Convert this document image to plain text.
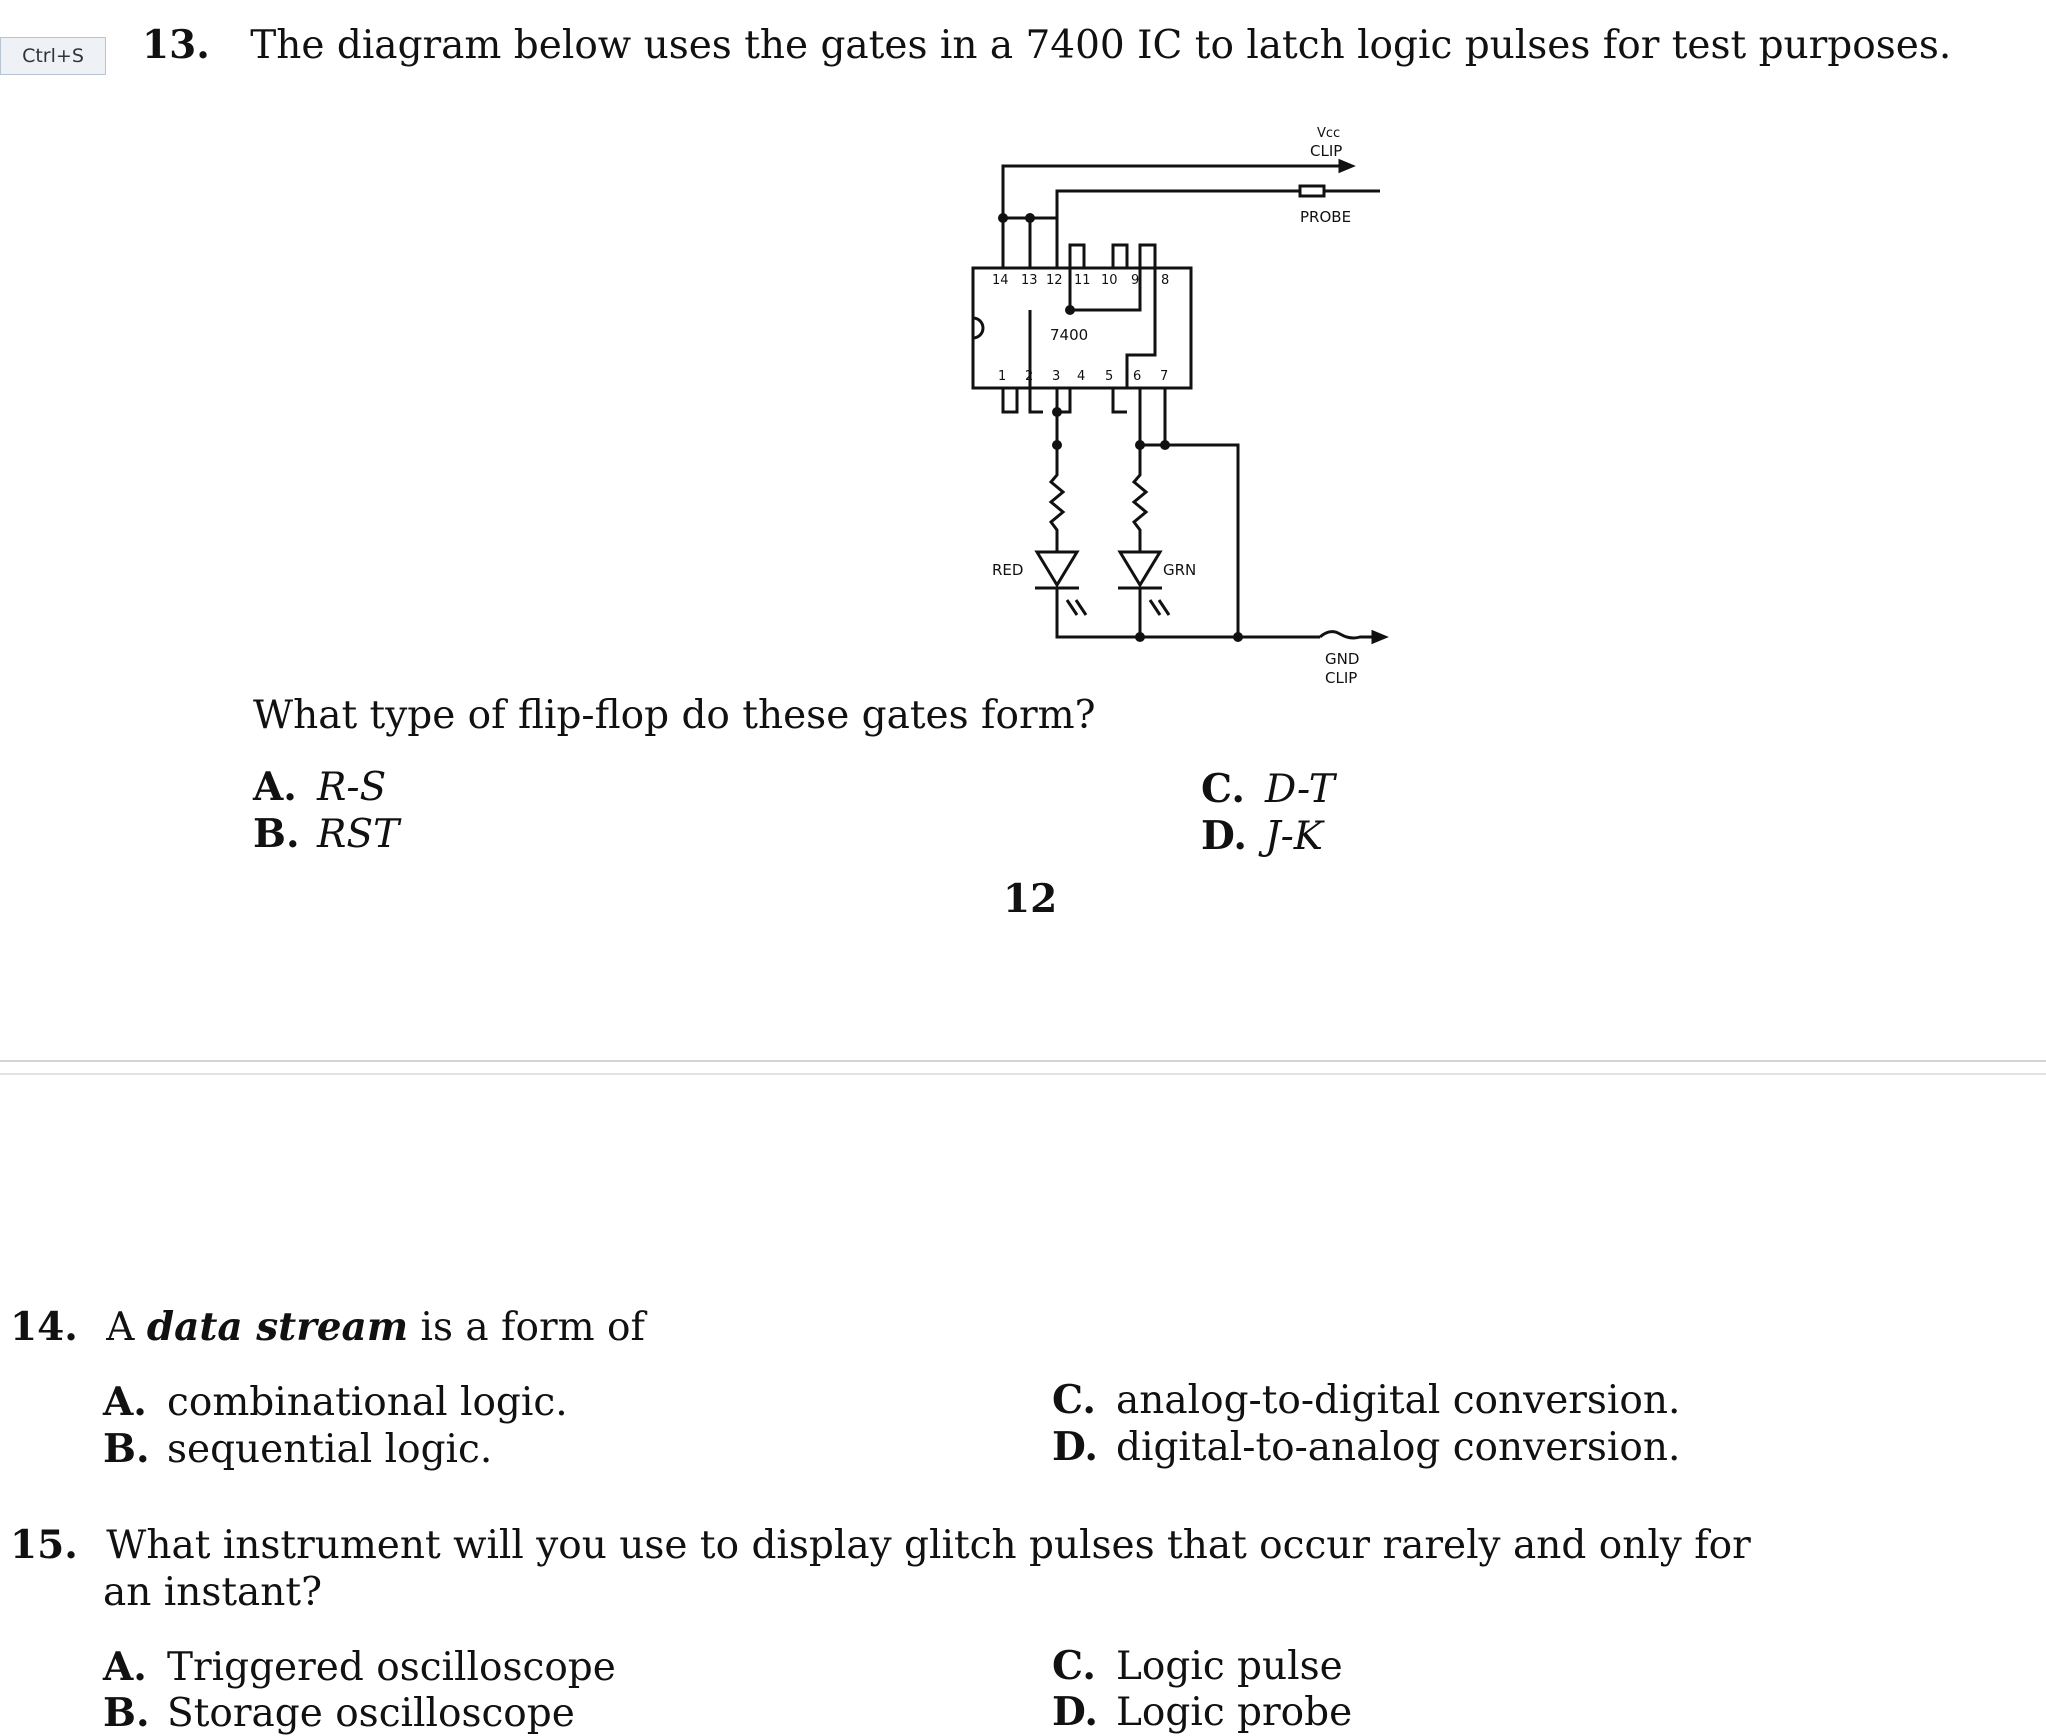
Ctrl+S	13. The diagram below uses the gates in a 7400 IC to latch logic pulses for test purposes.
14 13 12 11 10 9 8
1 2 3 4 5 6 7
7400
Vcc
CLIP
PROBE
RED	GRN
GND
CLIP
What type of flip-flop do these gates form?
A. R-S
B. RST
C. D-T
D. J-K
12
14. A data stream is a form of
A. combinational logic.
B. sequential logic.
C. analog-to-digital conversion.
D. digital-to-analog conversion.
15. What instrument will you use to display glitch pulses that occur rarely and only for
an instant?
A. Triggered oscilloscope
B. Storage oscilloscope
C. Logic pulse
D. Logic probe
